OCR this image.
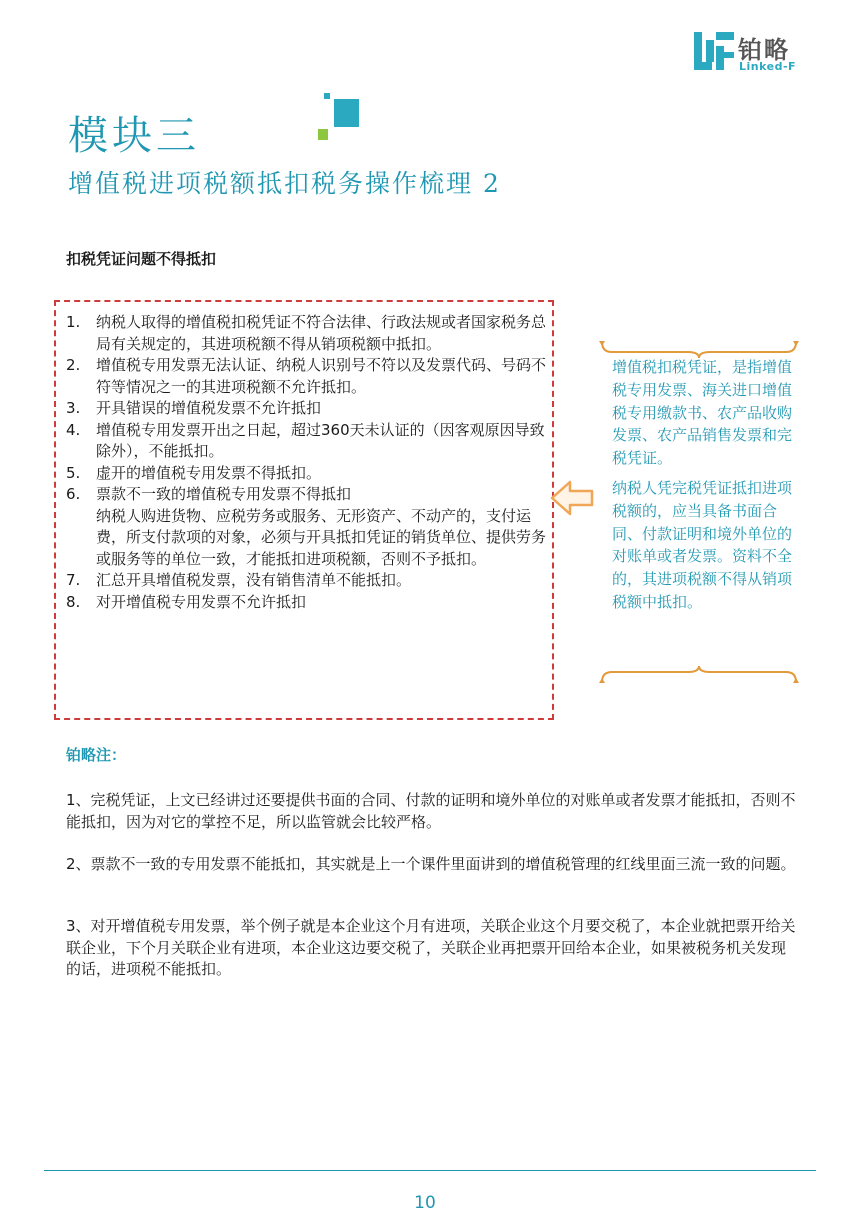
铂略
Linked-F
模块三
增值税进项税额抵扣税务操作梳理 2
扣税凭证问题不得抵扣
1. 纳税人取得的增值税扣税凭证不符合法律、行政法规或者国家税务总局有关规定的，其进项税额不得从销项税额中抵扣。
2. 增值税专用发票无法认证、纳税人识别号不符以及发票代码、号码不符等情况之一的其进项税额不允许抵扣。
3. 开具错误的增值税发票不允许抵扣
4. 增值税专用发票开出之日起，超过360天未认证的（因客观原因导致除外），不能抵扣。
5. 虚开的增值税专用发票不得抵扣。
6. 票款不一致的增值税专用发票不得抵扣
纳税人购进货物、应税劳务或服务、无形资产、不动产的，支付运费，所支付款项的对象，必须与开具抵扣凭证的销货单位、提供劳务或服务等的单位一致，才能抵扣进项税额，否则不予抵扣。
7. 汇总开具增值税发票，没有销售清单不能抵扣。
8. 对开增值税专用发票不允许抵扣

增值税扣税凭证，是指增值税专用发票、海关进口增值税专用缴款书、农产品收购发票、农产品销售发票和完税凭证。

纳税人凭完税凭证抵扣进项税额的，应当具备书面合同、付款证明和境外单位的对账单或者发票。资料不全的，其进项税额不得从销项税额中抵扣。

铂略注：
1、完税凭证，上文已经讲过还要提供书面的合同、付款的证明和境外单位的对账单或者发票才能抵扣，否则不能抵扣，因为对它的掌控不足，所以监管就会比较严格。
2、票款不一致的专用发票不能抵扣，其实就是上一个课件里面讲到的增值税管理的红线里面三流一致的问题。
3、对开增值税专用发票，举个例子就是本企业这个月有进项，关联企业这个月要交税了，本企业就把票开给关联企业，下个月关联企业有进项，本企业这边要交税了，关联企业再把票开回给本企业，如果被税务机关发现的话，进项税不能抵扣。
10
